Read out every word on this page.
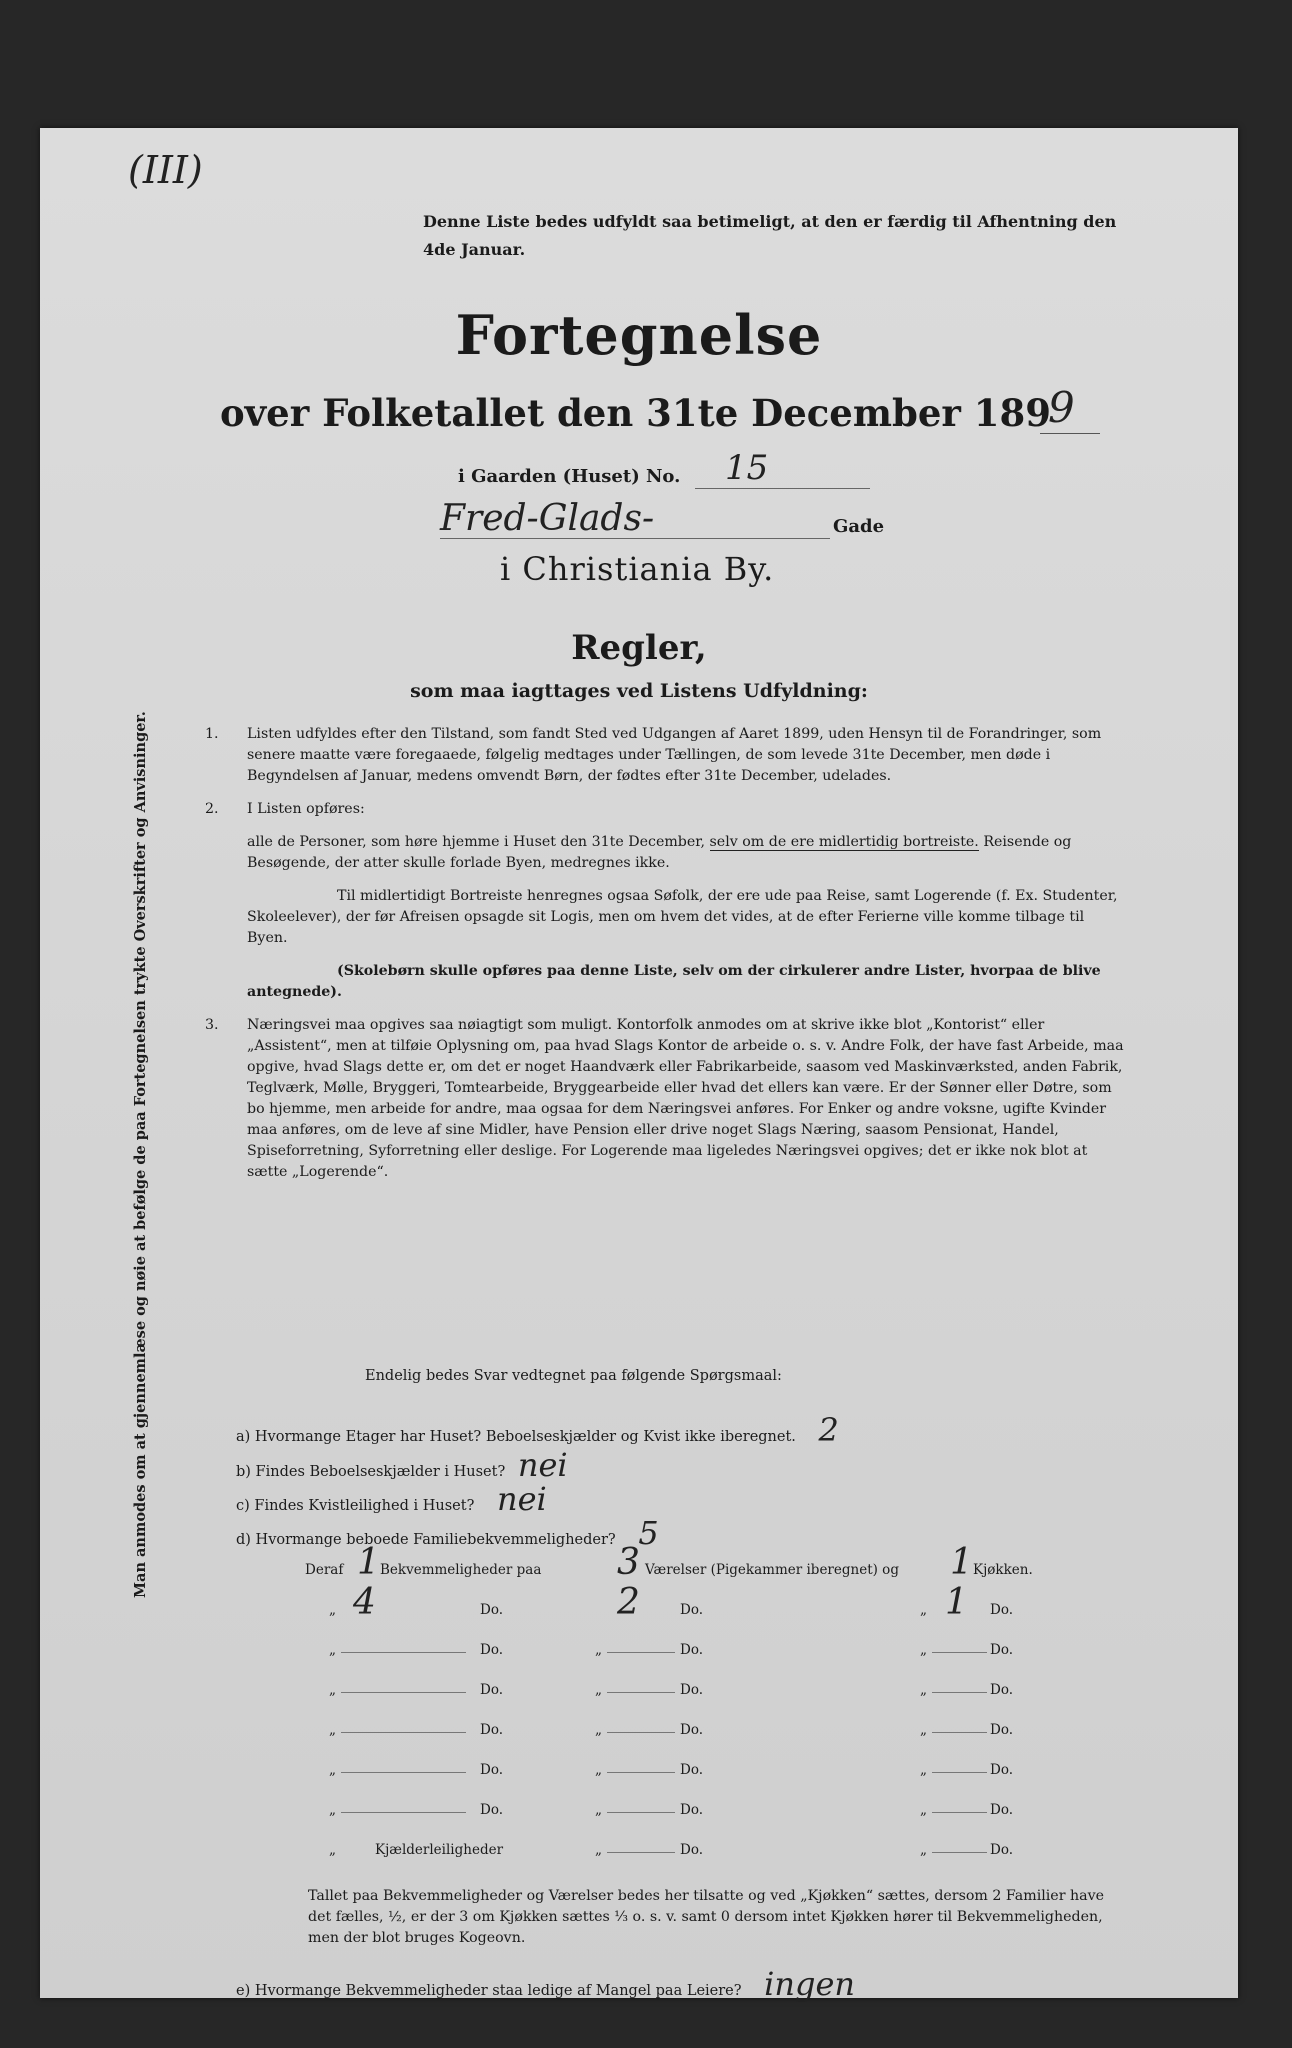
(III)
Denne Liste bedes udfyldt saa betimeligt, at den er færdig til Afhentning den 4de Januar.
Fortegnelse
over Folketallet den 31te December 189
9
i Gaarden (Huset) No. 15
Fred-Glads-	Gade
i Christiania By.
Regler,
som maa iagttages ved Listens Udfyldning:
1. Listen udfyldes efter den Tilstand, som fandt Sted ved Udgangen af Aaret 1899, uden Hensyn til de Forandringer, som senere maatte være foregaaede, følgelig medtages under Tællingen, de som levede 31te December, men døde i Begyndelsen af Januar, medens omvendt Børn, der fødtes efter 31te December, udelades.

2. I Listen opføres:

alle de Personer, som høre hjemme i Huset den 31te December, selv om de ere midlertidig bortreiste. Reisende og Besøgende, der atter skulle forlade Byen, medregnes ikke.

Til midlertidigt Bortreiste henregnes ogsaa Søfolk, der ere ude paa Reise, samt Logerende (f. Ex. Studenter, Skoleelever), der før Afreisen opsagde sit Logis, men om hvem det vides, at de efter Ferierne ville komme tilbage til Byen.

(Skolebørn skulle opføres paa denne Liste, selv om der cirkulerer andre Lister, hvorpaa de blive antegnede).

3. Næringsvei maa opgives saa nøiagtigt som muligt. Kontorfolk anmodes om at skrive ikke blot „Kontorist“ eller „Assistent“, men at tilføie Oplysning om, paa hvad Slags Kontor de arbeide o. s. v. Andre Folk, der have fast Arbeide, maa opgive, hvad Slags dette er, om det er noget Haandværk eller Fabrikarbeide, saasom ved Maskinværksted, anden Fabrik, Teglværk, Mølle, Bryggeri, Tomtearbeide, Bryggearbeide eller hvad det ellers kan være. Er der Sønner eller Døtre, som bo hjemme, men arbeide for andre, maa ogsaa for dem Næringsvei anføres. For Enker og andre voksne, ugifte Kvinder maa anføres, om de leve af sine Midler, have Pension eller drive noget Slags Næring, saasom Pensionat, Handel, Spiseforretning, Syforretning eller deslige. For Logerende maa ligeledes Næringsvei opgives; det er ikke nok blot at sætte „Logerende“.

Endelig bedes Svar vedtegnet paa følgende Spørgsmaal:
a) Hvormange Etager har Huset? Beboelseskjælder og Kvist ikke iberegnet. 2
b) Findes Beboelseskjælder i Huset? nei
c) Findes Kvistleilighed i Huset? nei
d) Hvormange beboede Familiebekvemmeligheder? 5
Deraf 1 Bekvemmeligheder paa 3 Værelser (Pigekammer iberegnet) og 1 Kjøkken.
„ 4	Do.	2	Do.	„ 1 Do.
„	Do.	„	Do.	„	Do.
„	Do.	„	Do.	„	Do.
„	Do.	„	Do.	„	Do.
„	Do.	„	Do.	„	Do.
„	Do.	„	Do.	„	Do.
„	Kjælderleiligheder	„	Do.	„	Do.
Tallet paa Bekvemmeligheder og Værelser bedes her tilsatte og ved „Kjøkken“ sættes, dersom 2 Familier have det fælles, ½, er der 3 om Kjøkken sættes ⅓ o. s. v. samt 0 dersom intet Kjøkken hører til Bekvemmeligheden, men der blot bruges Kogeovn.
e) Hvormange Bekvemmeligheder staa ledige af Mangel paa Leiere? ingen
Man anmodes om at gjennemlæse og nøie at befølge de paa Fortegnelsen trykte Overskrifter og Anvisninger.
